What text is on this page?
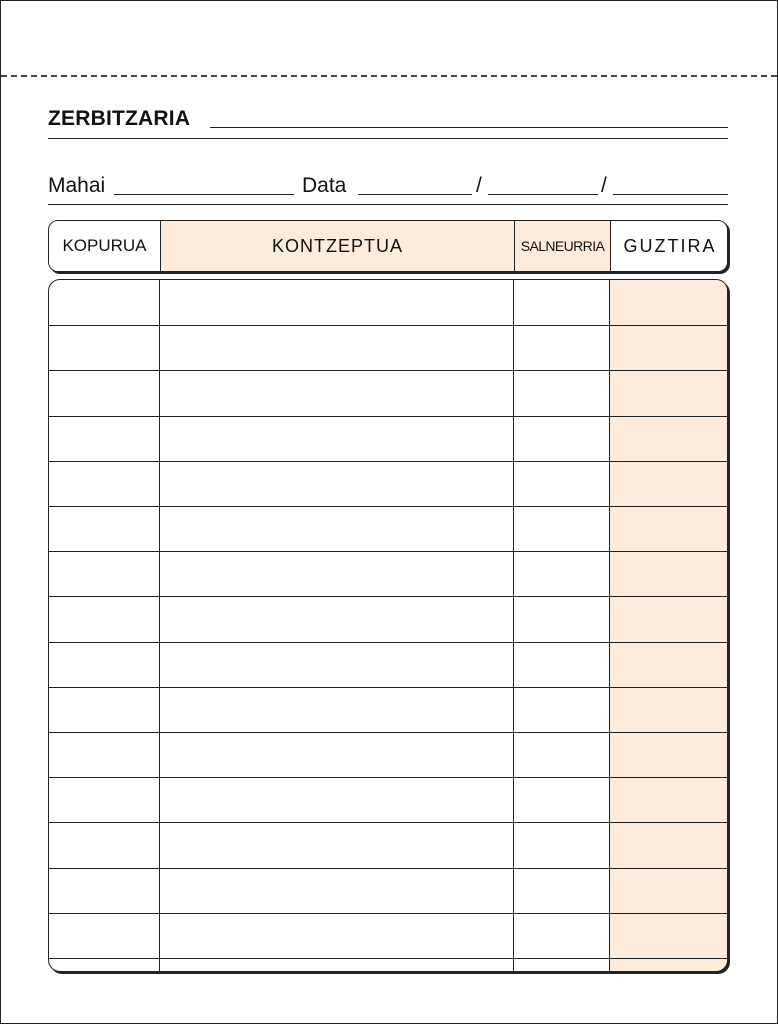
ZERBITZARIA
Mahai	Data	/	/
KOPURUA	KONTZEPTUA	SALNEURRIA	GUZTIRA
